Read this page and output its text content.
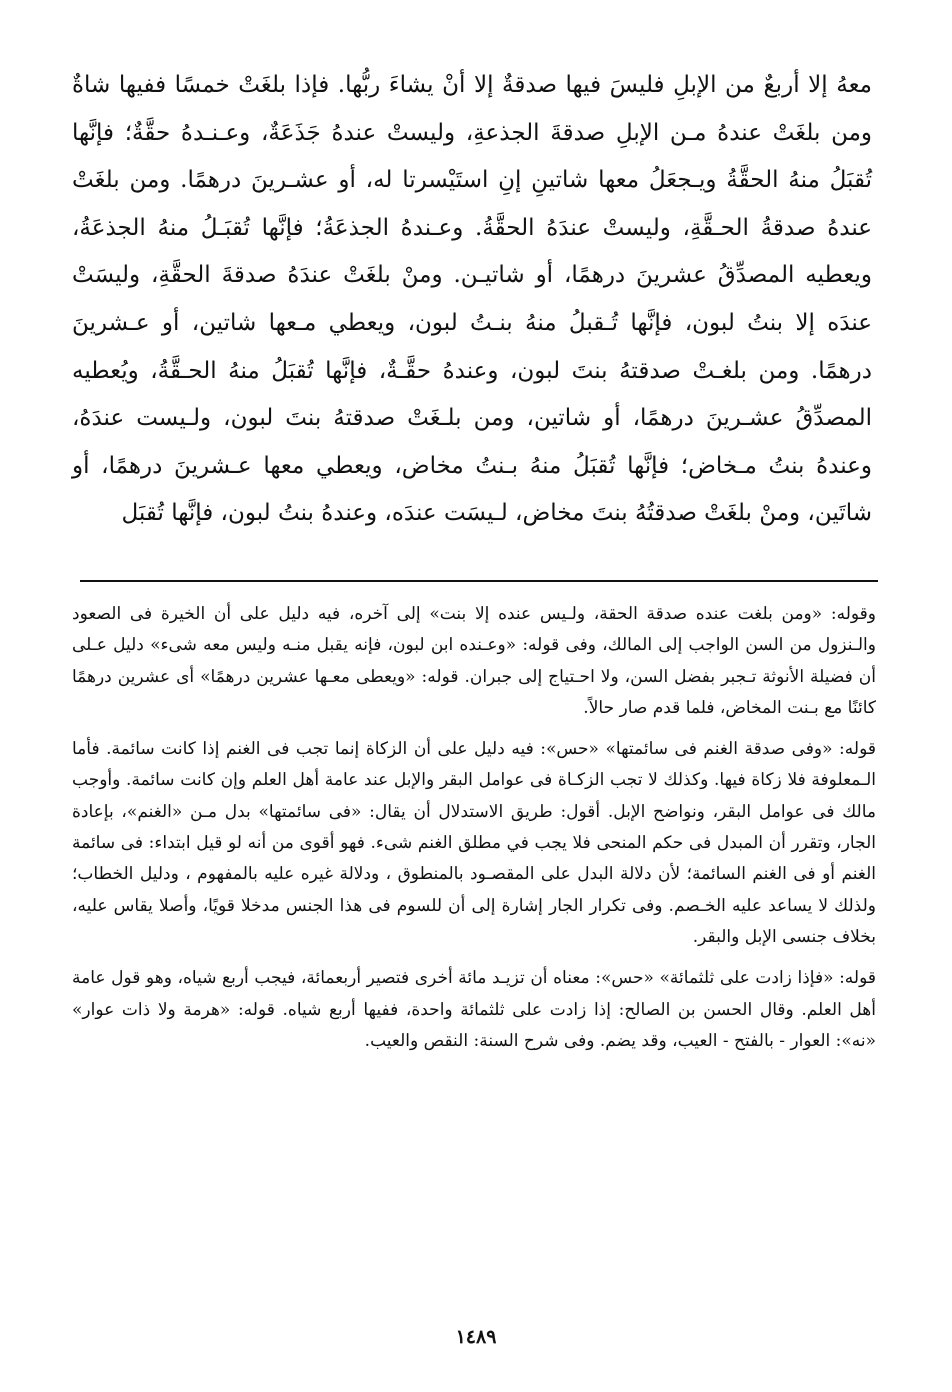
معهُ إلا أربعٌ من الإبلِ فليسَ فيها صدقةٌ إلا أنْ يشاءَ ربُّها. فإذا بلغَتْ خمسًا ففيها شاةٌ ومن بلغَتْ عندهُ مـن الإبلِ صدقةَ الجذعةِ، وليستْ عندهُ جَذَعَةٌ، وعـنـدهُ حقَّةٌ؛ فإنَّها تُقبَلُ منهُ الحقَّةُ ويـجعَلُ معها شاتينِ إنِ استَيْسرتا له، أو عشـرينَ درهمًا. ومن بلغَتْ عندهُ صدقةُ الحـقَّةِ، وليستْ عندَهُ الحقَّةُ. وعـندهُ الجذعَةُ؛ فإنَّها تُقبَـلُ منهُ الجذعَةُ، ويعطيه المصدِّقُ عشرينَ درهمًا، أو شاتيـن. ومنْ بلغَتْ عندَهُ صدقةَ الحقَّةِ، وليسَتْ عندَه إلا بنتُ لبون، فإنَّها تُـقبلُ منهُ بنـتُ لبون، ويعطي مـعها شاتين، أو عـشرينَ درهمًا. ومن بلغـتْ صدقتهُ بنتَ لبون، وعندهُ حقَّـةٌ، فإنَّها تُقبَلُ منهُ الحـقَّةُ، ويُعطيه المصدِّقُ عشـرينَ درهمًا، أو شاتين، ومن بلـغَتْ صدقتهُ بنتَ لبون، ولـيست عندَهُ، وعندهُ بنتُ مـخاض؛ فإنَّها تُقبَلُ منهُ بـنتُ مخاض، ويعطي معها عـشرينَ درهمًا، أو شاتَين، ومنْ بلغَتْ صدقتُهُ بنتَ مخاض، لـيسَت عندَه، وعندهُ بنتُ لبون، فإنَّها تُقبَل

وقوله: «ومن بلغت عنده صدقة الحقة، ولـيس عنده إلا بنت» إلى آخره، فيه دليل على أن الخيرة فى الصعود والـنزول من السن الواجب إلى المالك، وفى قوله: «وعـنده ابن لبون، فإنه يقبل منـه وليس معه شىء» دليل عـلى أن فضيلة الأنوثة تـجبر بفضل السن، ولا احـتياج إلى جبران. قوله: «ويعطى معـها عشرين درهمًا» أى عشرين درهمًا كائنًا مع بـنت المخاض، فلما قدم صار حالاً.

قوله: «وفى صدقة الغنم فى سائمتها» «حس»: فيه دليل على أن الزكاة إنما تجب فى الغنم إذا كانت سائمة. فأما الـمعلوفة فلا زكاة فيها. وكذلك لا تجب الزكـاة فى عوامل البقر والإبل عند عامة أهل العلم وإن كانت سائمة. وأوجب مالك فى عوامل البقر، ونواضح الإبل. أقول: طريق الاستدلال أن يقال: «فى سائمتها» بدل مـن «الغنم»، بإعادة الجار، وتقرر أن المبدل فى حكم المنحى فلا يجب في مطلق الغنم شىء. فهو أقوى من أنه لو قيل ابتداء: فى سائمة الغنم أو فى الغنم السائمة؛ لأن دلالة البدل على المقصـود بالمنطوق ، ودلالة غيره عليه بالمفهوم ، ودليل الخطاب؛ ولذلك لا يساعد عليه الخـصم. وفى تكرار الجار إشارة إلى أن للسوم فى هذا الجنس مدخلا قويًا، وأصلا يقاس عليه، بخلاف جنسى الإبل والبقر.

قوله: «فإذا زادت على ثلثمائة» «حس»: معناه أن تزيـد مائة أخرى فتصير أربعمائة، فيجب أربع شياه، وهو قول عامة أهل العلم. وقال الحسن بن الصالح: إذا زادت على ثلثمائة واحدة، ففيها أربع شياه. قوله: «هرمة ولا ذات عوار» «نه»: العوار - بالفتح - العيب، وقد يضم. وفى شرح السنة: النقص والعيب.

١٤٨٩
